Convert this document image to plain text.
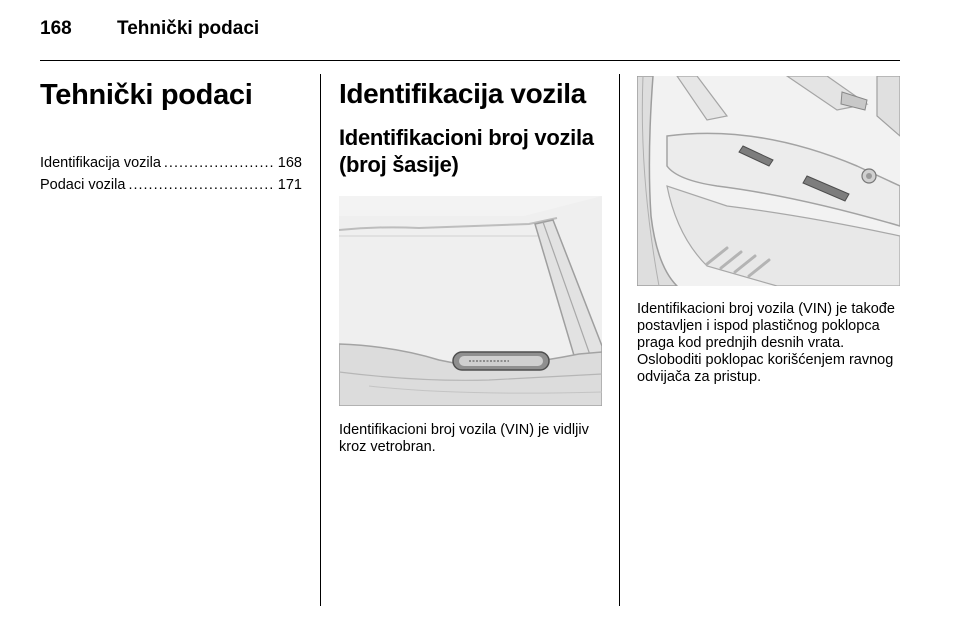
168 Tehnički podaci
Tehnički podaci
Identifikacija vozila .....	168
Podaci vozila .....	171
Identifikacija vozila
Identifikacioni broj vozila (broj šasije)

Identifikacioni broj vozila (VIN) je vidljiv kroz vetrobran.

Identifikacioni broj vozila (VIN) je takođe postavljen i ispod plastičnog poklopca praga kod prednjih desnih vrata. Osloboditi poklopac korišćenjem ravnog odvijača za pristup.
